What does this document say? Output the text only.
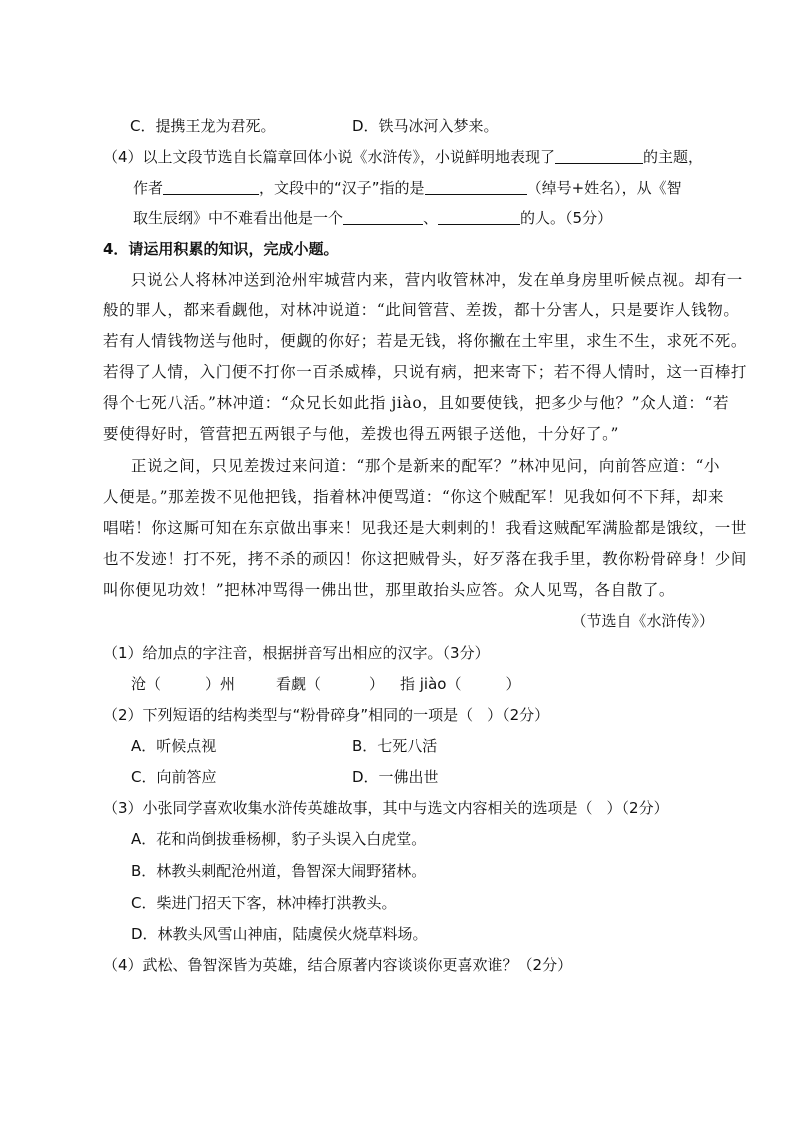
C．提携王龙为君死。	D．铁马冰河入梦来。
（4）以上文段节选自长篇章回体小说《水浒传》，小说鲜明地表现了	的主题，
作者	，文段中的“汉子”指的是	（绰号+姓名），从《智
取生辰纲》中不难看出他是一个	、	的人。（5分）
4．请运用积累的知识，完成小题。
只说公人将林冲送到沧州牢城营内来，营内收管林冲，发在单身房里听候点视。却有一
般的罪人，都来看觑他，对林冲说道：“此间管营、差拨，都十分害人，只是要诈人钱物。
若有人情钱物送与他时，便觑的你好；若是无钱，将你撇在土牢里，求生不生，求死不死。
若得了人情，入门便不打你一百杀威棒，只说有病，把来寄下；若不得人情时，这一百棒打
得个七死八活。”林冲道：“众兄长如此指 jiào，且如要使钱，把多少与他？”众人道：“若
要使得好时，管营把五两银子与他，差拨也得五两银子送他，十分好了。”
正说之间，只见差拨过来问道：“那个是新来的配军？”林冲见问，向前答应道：“小
人便是。”那差拨不见他把钱，指着林冲便骂道：“你这个贼配军！见我如何不下拜，却来
唱喏！你这厮可知在东京做出事来！见我还是大剌剌的！我看这贼配军满脸都是饿纹，一世
也不发迹！打不死，拷不杀的顽囚！你这把贼骨头，好歹落在我手里，教你粉骨碎身！少间
叫你便见功效！”把林冲骂得一佛出世，那里敢抬头应答。众人见骂，各自散了。
（节选自《水浒传》）
（1）给加点的字注音，根据拼音写出相应的汉字。（3分）
沧（	）州	看觑（	） 指 jiào（	）
（2）下列短语的结构类型与“粉骨碎身”相同的一项是（ ）（2分）
A．听候点视	B．七死八活
C．向前答应	D．一佛出世
（3）小张同学喜欢收集水浒传英雄故事，其中与选文内容相关的选项是（ ）（2分）
A．花和尚倒拔垂杨柳，豹子头误入白虎堂。
B．林教头刺配沧州道，鲁智深大闹野猪林。
C．柴进门招天下客，林冲棒打洪教头。
D．林教头风雪山神庙，陆虞侯火烧草料场。
（4）武松、鲁智深皆为英雄，结合原著内容谈谈你更喜欢谁？（2分）
